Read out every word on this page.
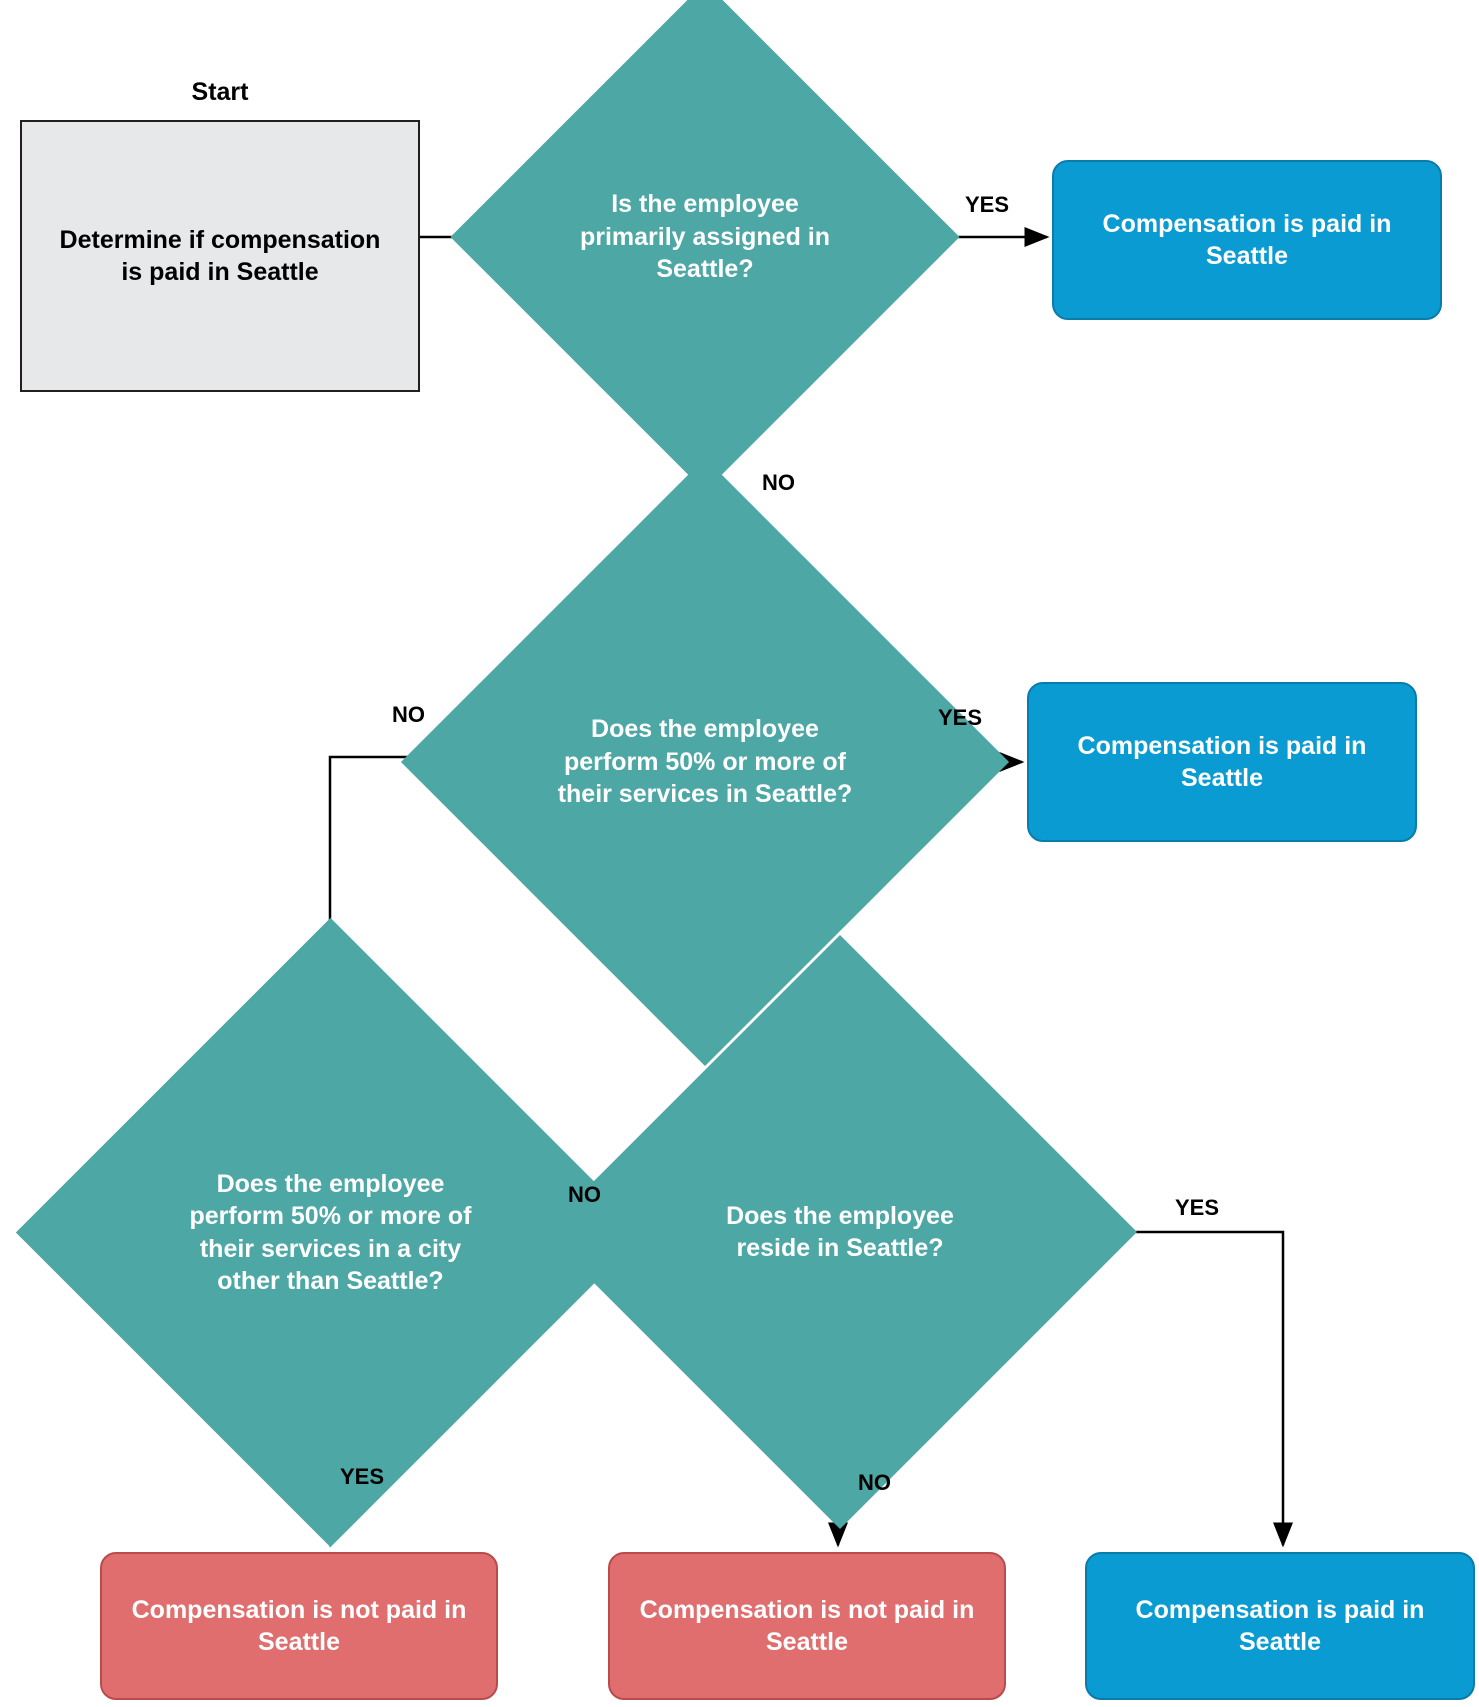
Start
Determine if compensation is paid in Seattle
Is the employee primarily assigned in Seattle?
Compensation is paid in Seattle
Does the employee perform 50% or more of their services in Seattle?
Compensation is paid in Seattle
Does the employee perform 50% or more of their services in a city other than Seattle?
Does the employee reside in Seattle?
Compensation is not paid in Seattle
Compensation is not paid in Seattle
Compensation is paid in Seattle
YES
NO
YES
NO
NO
YES
YES
NO
